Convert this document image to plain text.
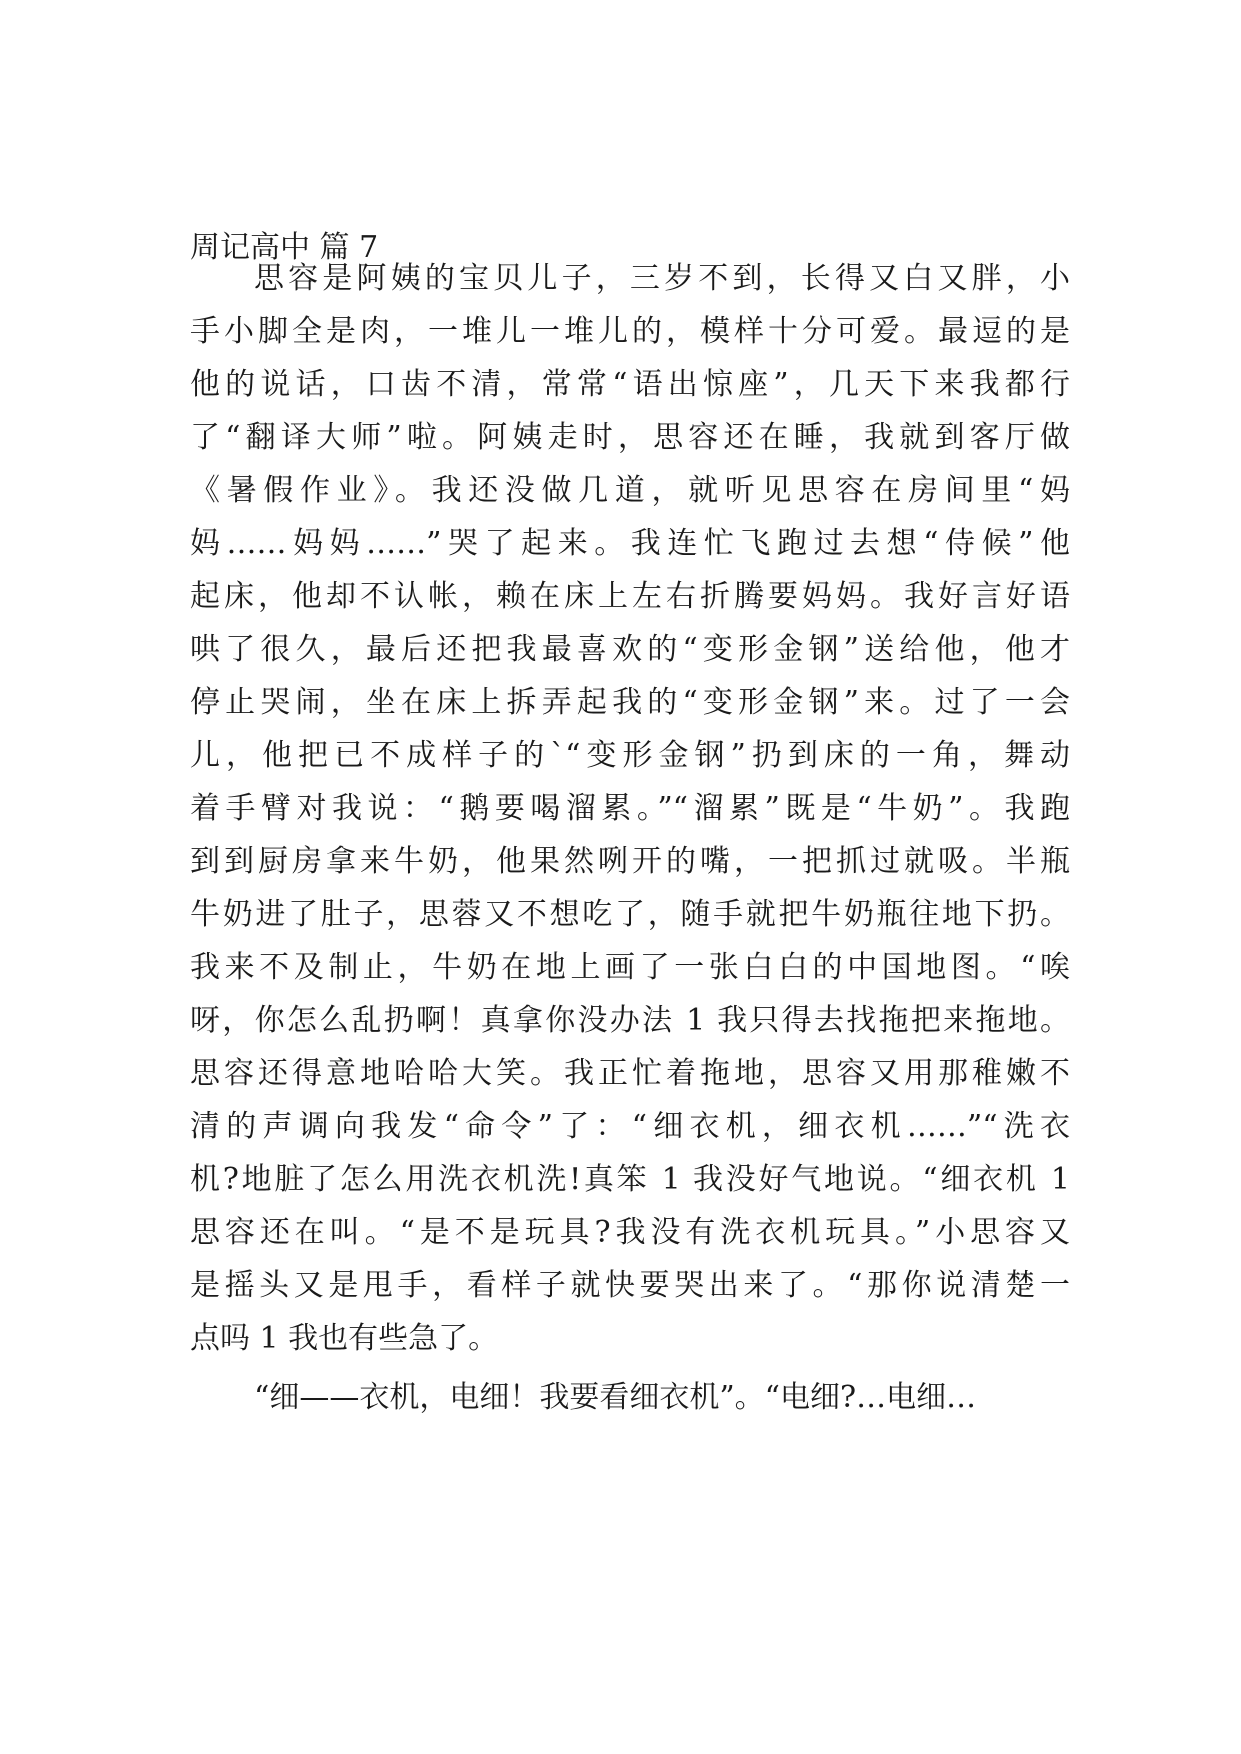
周记高中 篇 7
思容是阿姨的宝贝儿子，三岁不到，长得又白又胖，小
手小脚全是肉，一堆儿一堆儿的，模样十分可爱。最逗的是
他的说话，口齿不清，常常“语出惊座”，几天下来我都行
了“翻译大师”啦。阿姨走时，思容还在睡，我就到客厅做
《暑假作业》。我还没做几道，就听见思容在房间里“妈
妈……妈妈……”哭了起来。我连忙飞跑过去想“侍候”他
起床，他却不认帐，赖在床上左右折腾要妈妈。我好言好语
哄了很久，最后还把我最喜欢的“变形金钢”送给他，他才
停止哭闹，坐在床上拆弄起我的“变形金钢”来。过了一会
儿，他把已不成样子的`“变形金钢”扔到床的一角，舞动
着手臂对我说：“鹅要喝溜累。”“溜累”既是“牛奶”。我跑
到到厨房拿来牛奶，他果然咧开的嘴，一把抓过就吸。半瓶
牛奶进了肚子，思蓉又不想吃了，随手就把牛奶瓶往地下扔。
我来不及制止，牛奶在地上画了一张白白的中国地图。“唉
呀，你怎么乱扔啊！真拿你没办法 1 我只得去找拖把来拖地。
思容还得意地哈哈大笑。我正忙着拖地，思容又用那稚嫩不
清的声调向我发“命令”了：“细衣机，细衣机……”“洗衣
机?地脏了怎么用洗衣机洗!真笨 1 我没好气地说。“细衣机 1
思容还在叫。“是不是玩具?我没有洗衣机玩具。”小思容又
是摇头又是甩手，看样子就快要哭出来了。“那你说清楚一
点吗 1 我也有些急了。
“细——衣机，电细！我要看细衣机”。“电细?…电细…
